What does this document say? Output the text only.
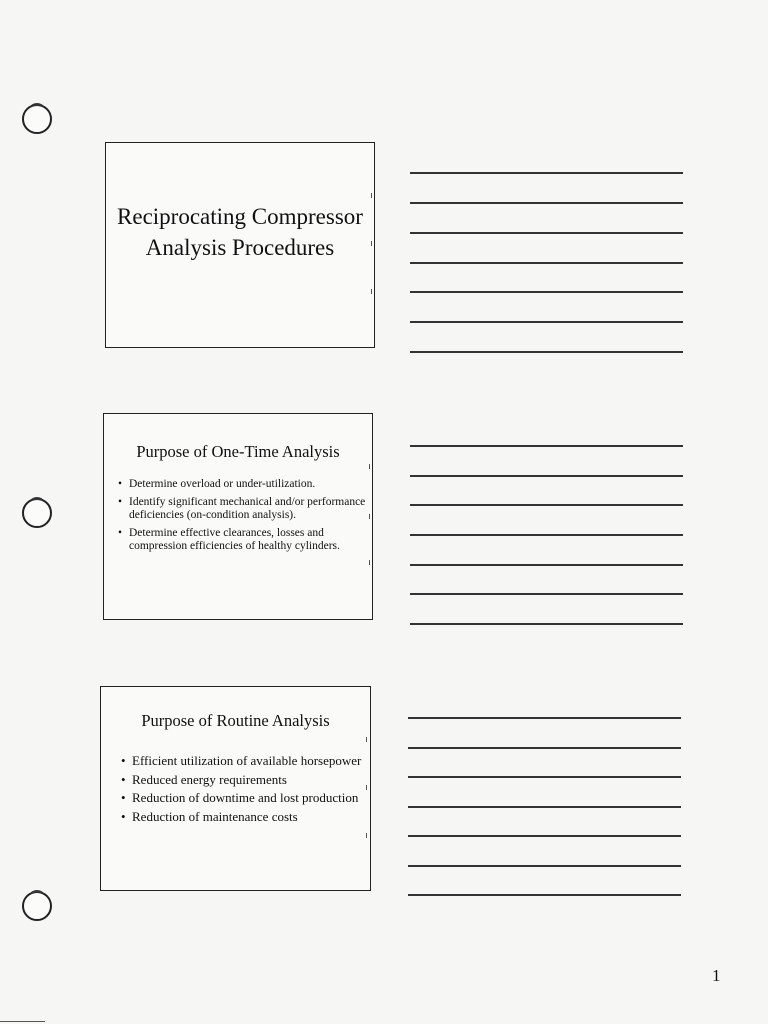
Reciprocating Compressor Analysis Procedures
Purpose of One-Time Analysis
• Determine overload or under-utilization.
• Identify significant mechanical and/or performance deficiencies (on-condition analysis).
• Determine effective clearances, losses and compression efficiencies of healthy cylinders.
Purpose of Routine Analysis
• Efficient utilization of available horsepower
• Reduced energy requirements
• Reduction of downtime and lost production
• Reduction of maintenance costs
1
